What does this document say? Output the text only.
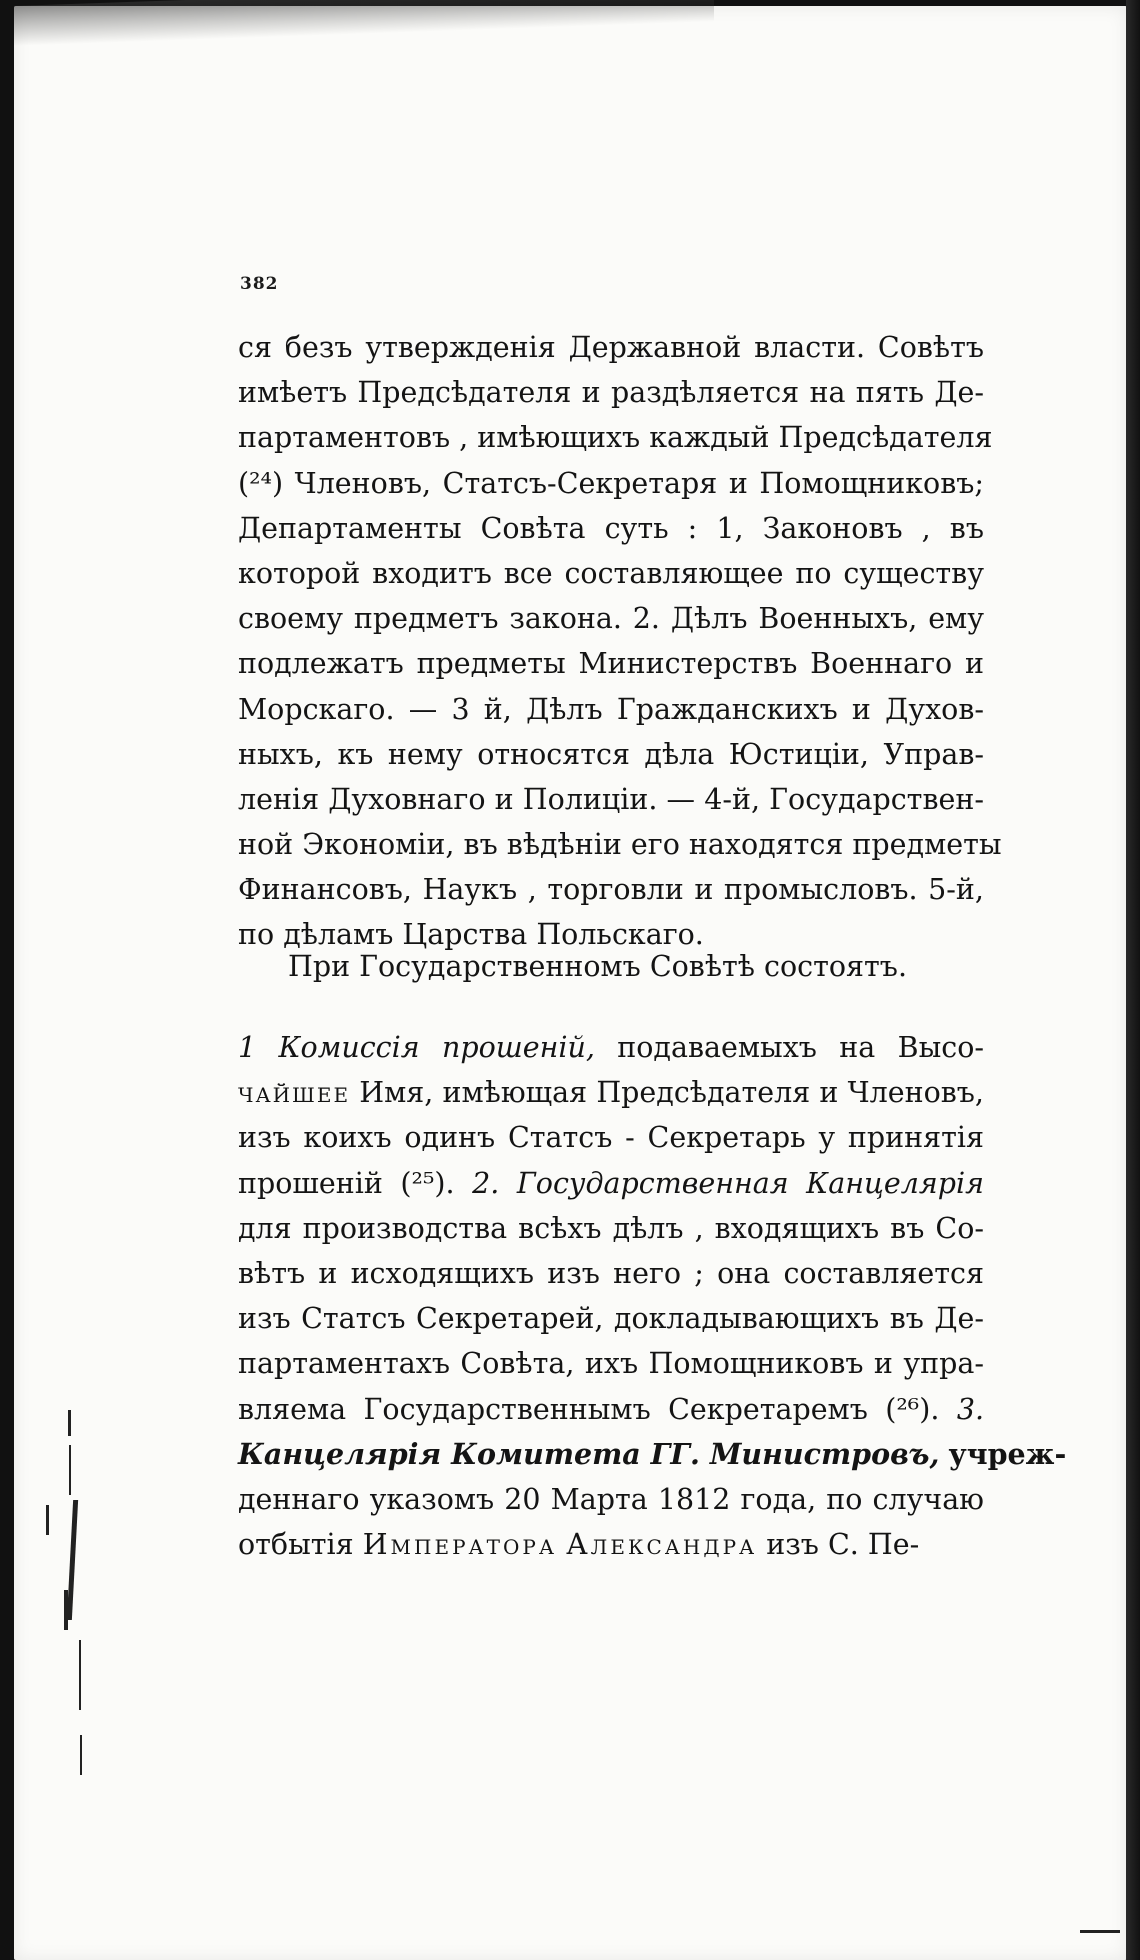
382
ся безъ утвержденія Державной власти. Совѣтъ
имѣетъ Предсѣдателя и раздѣляется на пять Де-
партаментовъ , имѣющихъ каждый Предсѣдателя
(²⁴) Членовъ, Статсъ-Секретаря и Помощниковъ;
Департаменты Совѣта суть : 1, Законовъ , въ
которой входитъ все составляющее по существу
своему предметъ закона. 2. Дѣлъ Военныхъ, ему
подлежатъ предметы Министерствъ Военнаго и
Морскаго. — 3 й, Дѣлъ Гражданскихъ и Духов-
ныхъ, къ нему относятся дѣла Юстиціи, Управ-
ленія Духовнаго и Полиціи. — 4-й, Государствен-
ной Экономіи, въ вѣдѣніи его находятся предметы
Финансовъ, Наукъ , торговли и промысловъ. 5-й,
по дѣламъ Царства Польскаго.
При Государственномъ Совѣтѣ состоятъ.
1 Комиссія прошеній, подаваемыхъ на Высо-
чайшее Имя, имѣющая Предсѣдателя и Членовъ,
изъ коихъ одинъ Статсъ - Секретарь у принятія
прошеній (²⁵). 2. Государственная Канцелярія
для производства всѣхъ дѣлъ , входящихъ въ Со-
вѣтъ и исходящихъ изъ него ; она составляется
изъ Статсъ Секретарей, докладывающихъ въ Де-
партаментахъ Совѣта, ихъ Помощниковъ и упра-
вляема Государственнымъ Секретаремъ (²⁶). 3.
Канцелярія Комитета ГГ. Министровъ, учреж-
деннаго указомъ 20 Марта 1812 года, по случаю
отбытія Императора Александра изъ С. Пе-
